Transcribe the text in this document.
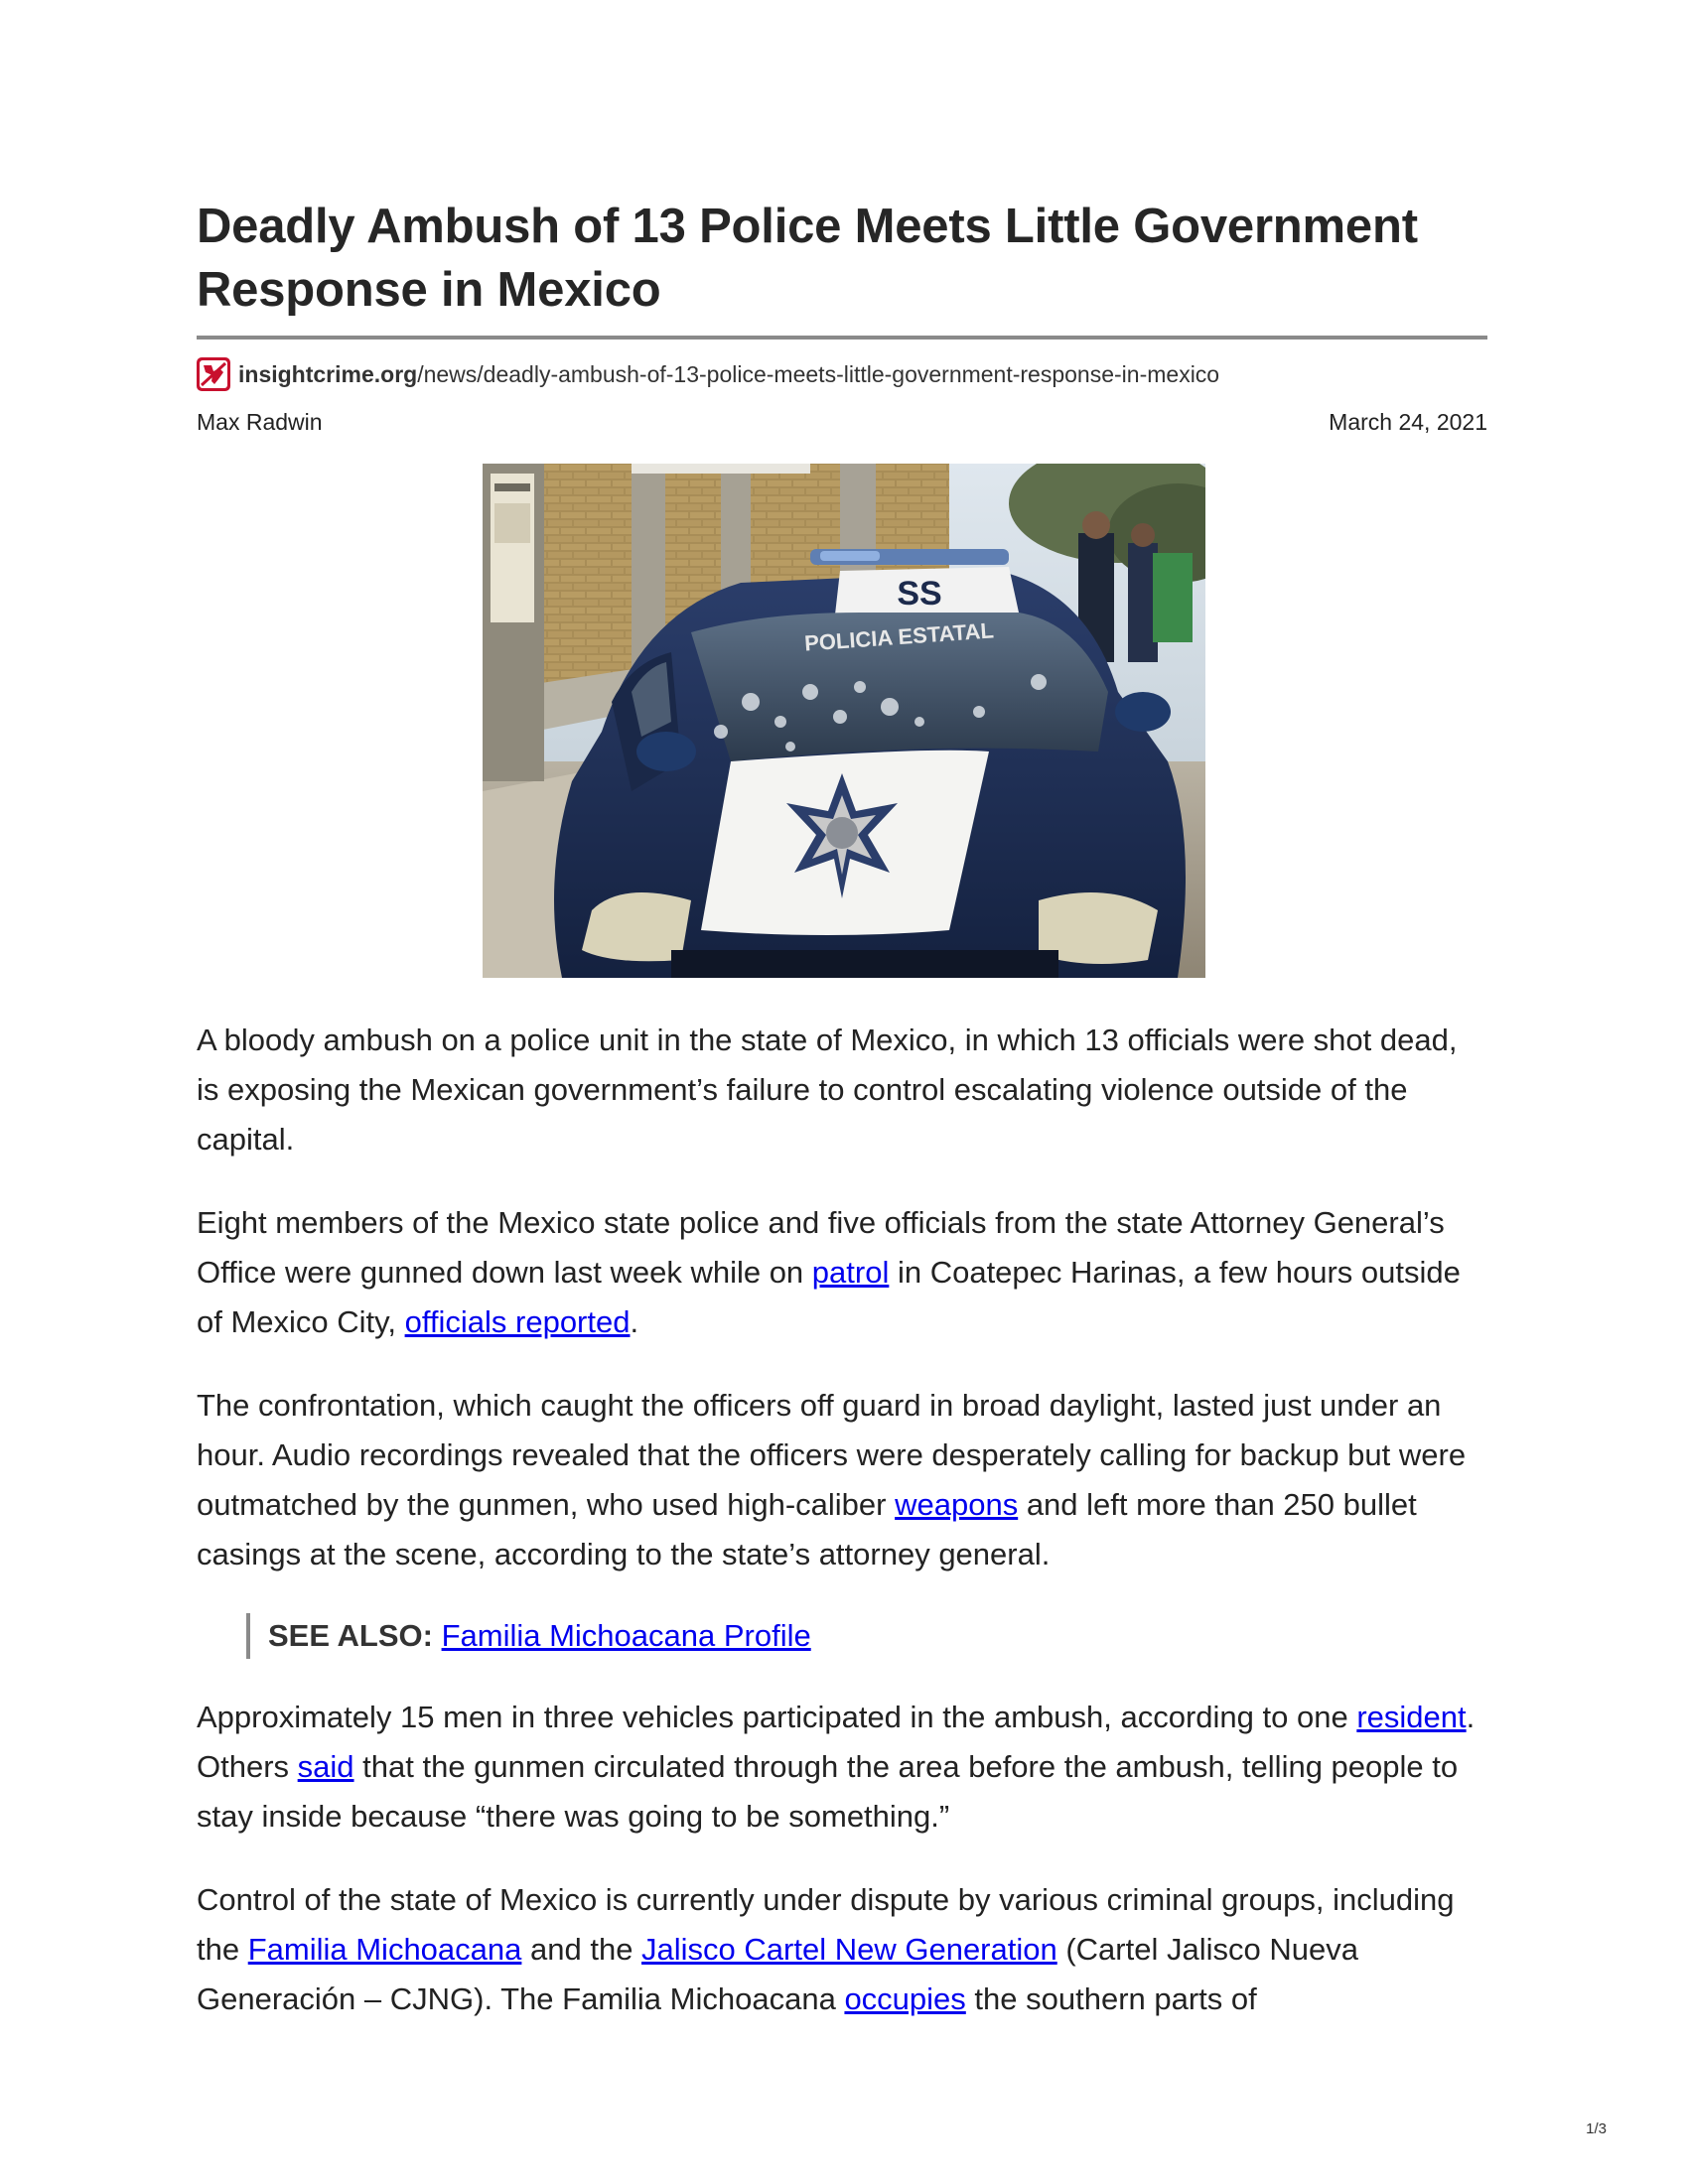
Deadly Ambush of 13 Police Meets Little Government Response in Mexico
insightcrime.org /news/deadly-ambush-of-13-police-meets-little-government-response-in-mexico
Max Radwin	March 24, 2021
SS
POLICIA ESTATAL

A bloody ambush on a police unit in the state of Mexico, in which 13 officials were shot dead, is exposing the Mexican government’s failure to control escalating violence outside of the capital.

Eight members of the Mexico state police and five officials from the state Attorney General’s Office were gunned down last week while on patrol in Coatepec Harinas, a few hours outside of Mexico City, officials reported.

The confrontation, which caught the officers off guard in broad daylight, lasted just under an hour. Audio recordings revealed that the officers were desperately calling for backup but were outmatched by the gunmen, who used high-caliber weapons and left more than 250 bullet casings at the scene, according to the state’s attorney general.

SEE ALSO: Familia Michoacana Profile

Approximately 15 men in three vehicles participated in the ambush, according to one resident. Others said that the gunmen circulated through the area before the ambush, telling people to stay inside because “there was going to be something.”

Control of the state of Mexico is currently under dispute by various criminal groups, including the Familia Michoacana and the Jalisco Cartel New Generation (Cartel Jalisco Nueva Generación – CJNG). The Familia Michoacana occupies the southern parts of

1/3
